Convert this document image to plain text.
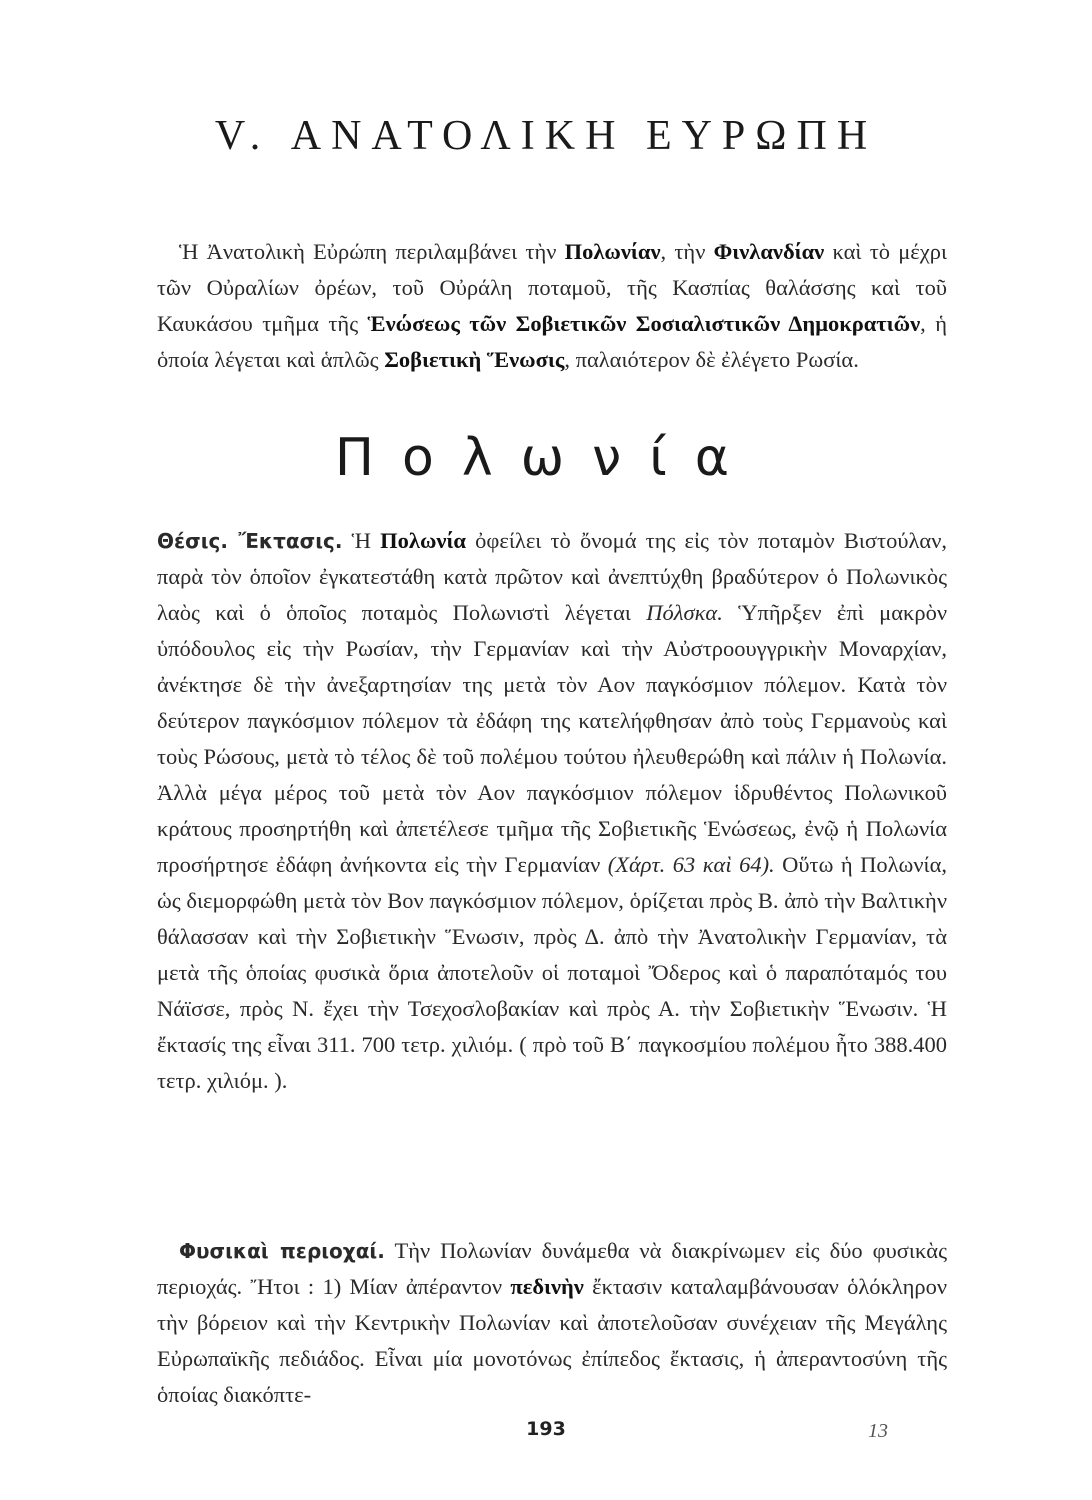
V. ΑΝΑΤΟΛΙΚΗ ΕΥΡΩΠΗ

Ἡ Ἀνατολικὴ Εὐρώπη περιλαμβάνει τὴν Πολωνίαν, τὴν Φινλανδίαν καὶ τὸ μέχρι τῶν Οὐραλίων ὀρέων, τοῦ Οὐράλη ποταμοῦ, τῆς Κασπίας θαλάσσης καὶ τοῦ Καυκάσου τμῆμα τῆς Ἑνώσεως τῶν Σοβιετικῶν Σοσιαλιστικῶν Δημοκρατιῶν, ἡ ὁποία λέγεται καὶ ἁπλῶς Σοβιετικὴ Ἕνωσις, παλαιότερον δὲ ἐλέγετο Ρωσία.

Πολωνία

Θέσις. Ἔκτασις. Ἡ Πολωνία ὀφείλει τὸ ὄνομά της εἰς τὸν ποταμὸν Βιστούλαν, παρὰ τὸν ὁποῖον ἐγκατεστάθη κατὰ πρῶτον καὶ ἀνεπτύχθη βραδύτερον ὁ Πολωνικὸς λαὸς καὶ ὁ ὁποῖος ποταμὸς Πολωνιστὶ λέγεται Πόλσκα. Ὑπῆρξεν ἐπὶ μακρὸν ὑπόδουλος εἰς τὴν Ρωσίαν, τὴν Γερμανίαν καὶ τὴν Αὐστροουγγρικὴν Μοναρχίαν, ἀνέκτησε δὲ τὴν ἀνεξαρτησίαν της μετὰ τὸν Αον παγκόσμιον πόλεμον. Κατὰ τὸν δεύτερον παγκόσμιον πόλεμον τὰ ἐδάφη της κατελήφθησαν ἀπὸ τοὺς Γερμανοὺς καὶ τοὺς Ρώσους, μετὰ τὸ τέλος δὲ τοῦ πολέμου τούτου ἠλευθερώθη καὶ πάλιν ἡ Πολωνία. Ἀλλὰ μέγα μέρος τοῦ μετὰ τὸν Αον παγκόσμιον πόλεμον ἱδρυθέντος Πολωνικοῦ κράτους προσηρτήθη καὶ ἀπετέλεσε τμῆμα τῆς Σοβιετικῆς Ἑνώσεως, ἐνῷ ἡ Πολωνία προσήρτησε ἐδάφη ἀνήκοντα εἰς τὴν Γερμανίαν (Χάρτ. 63 καὶ 64). Οὕτω ἡ Πολωνία, ὡς διεμορφώθη μετὰ τὸν Βον παγκόσμιον πόλεμον, ὁρίζεται πρὸς Β. ἀπὸ τὴν Βαλτικὴν θάλασσαν καὶ τὴν Σοβιετικὴν Ἕνωσιν, πρὸς Δ. ἀπὸ τὴν Ἀνατολικὴν Γερμανίαν, τὰ μετὰ τῆς ὁποίας φυσικὰ ὅρια ἀποτελοῦν οἱ ποταμοὶ Ὄδερος καὶ ὁ παραπόταμός του Νάϊσσε, πρὸς Ν. ἔχει τὴν Τσεχοσλοβακίαν καὶ πρὸς Α. τὴν Σοβιετικὴν Ἕνωσιν. Ἡ ἔκτασίς της εἶναι 311. 700 τετρ. χιλιόμ. ( πρὸ τοῦ Β΄ παγκοσμίου πολέμου ἦτο 388.400 τετρ. χιλιόμ. ).

Φυσικαὶ περιοχαί. Τὴν Πολωνίαν δυνάμεθα νὰ διακρίνωμεν εἰς δύο φυσικὰς περιοχάς. Ἤτοι : 1) Μίαν ἀπέραντον πεδινὴν ἔκτασιν καταλαμβάνουσαν ὁλόκληρον τὴν βόρειον καὶ τὴν Κεντρικὴν Πολωνίαν καὶ ἀποτελοῦσαν συνέχειαν τῆς Μεγάλης Εὐρωπαϊκῆς πεδιάδος. Εἶναι μία μονοτόνως ἐπίπεδος ἔκτασις, ἡ ἀπεραντοσύνη τῆς ὁποίας διακόπτε-

193	13
